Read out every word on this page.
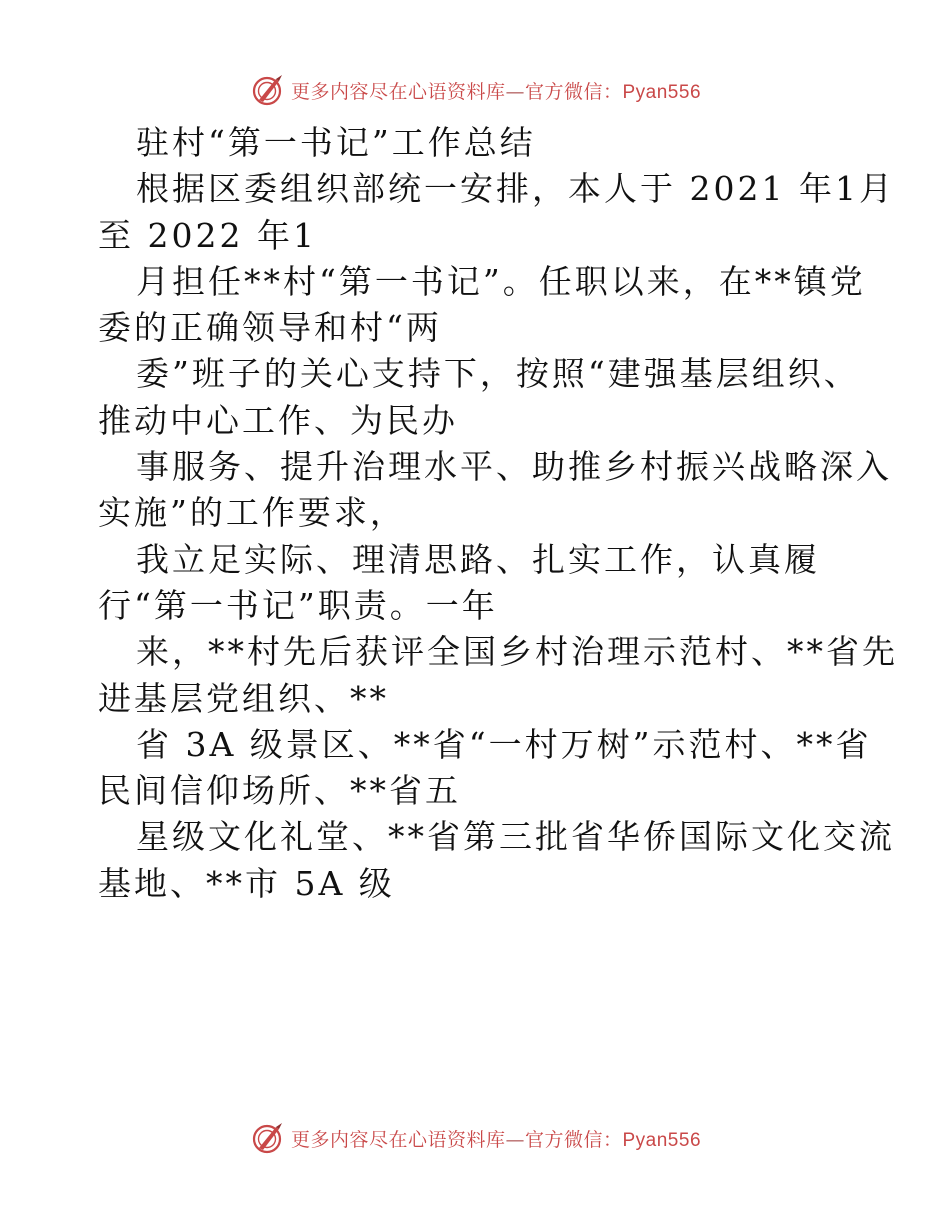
更多内容尽在心语资料库—官方微信：Pyan556
驻村“第一书记”工作总结
根据区委组织部统一安排，本人于 2021 年1月
至 2022 年1
月担任**村“第一书记”。任职以来，在**镇党
委的正确领导和村“两
委”班子的关心支持下，按照“建强基层组织、
推动中心工作、为民办
事服务、提升治理水平、助推乡村振兴战略深入
实施”的工作要求，
我立足实际、理清思路、扎实工作，认真履
行“第一书记”职责。一年
来，**村先后获评全国乡村治理示范村、**省先
进基层党组织、**
省 3A 级景区、**省“一村万树”示范村、**省
民间信仰场所、**省五
星级文化礼堂、**省第三批省华侨国际文化交流
基地、**市 5A 级
更多内容尽在心语资料库—官方微信：Pyan556
